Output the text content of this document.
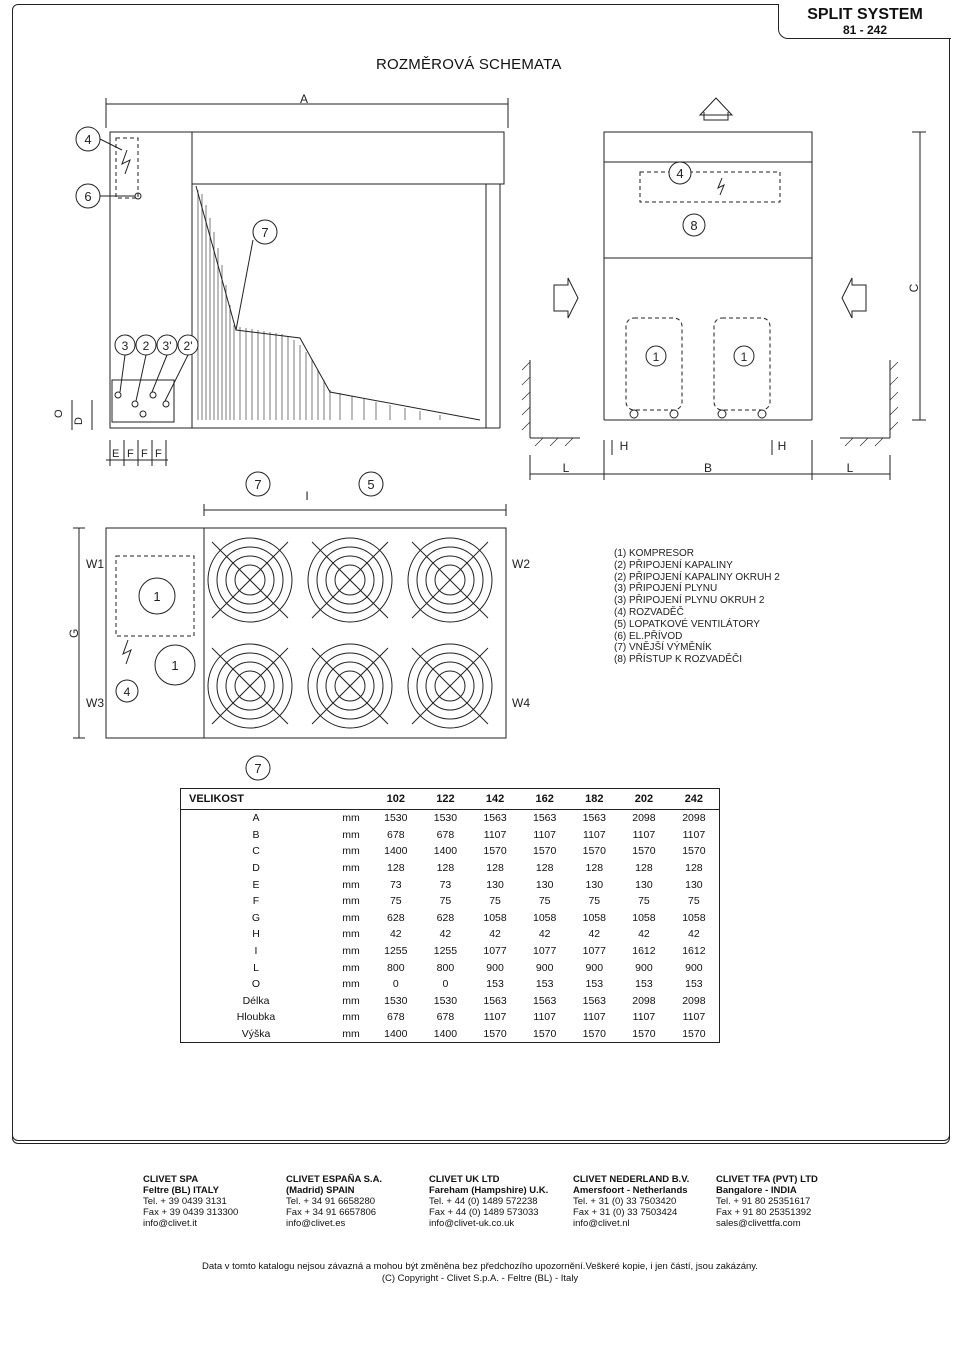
SPLIT SYSTEM
81 - 242
ROZMĚROVÁ SCHEMATA
A
4
6
7
3 2 3' 2'
O
D
E F F F
4
8
1	1
L	B	L
H	H
C
7	5
I
1
1
4
W1
W3
W2
W4
G
7
(1) KOMPRESOR
(2) PŘIPOJENÍ KAPALINY
(2) PŘIPOJENÍ KAPALINY OKRUH 2
(3) PŘIPOJENÍ PLYNU
(3) PŘIPOJENÍ PLYNU OKRUH 2
(4) ROZVADĚČ
(5) LOPATKOVÉ VENTILÁTORY
(6) EL.PŘÍVOD
(7) VNĚJŠÍ VÝMĚNÍK
(8) PŘÍSTUP K ROZVADĚČI
VELIKOST		102	122	142	162	182	202	242
A	mm	1530	1530	1563	1563	1563	2098	2098
B	mm	678	678	1107	1107	1107	1107	1107
C	mm	1400	1400	1570	1570	1570	1570	1570
D	mm	128	128	128	128	128	128	128
E	mm	73	73	130	130	130	130	130
F	mm	75	75	75	75	75	75	75
G	mm	628	628	1058	1058	1058	1058	1058
H	mm	42	42	42	42	42	42	42
I	mm	1255	1255	1077	1077	1077	1612	1612
L	mm	800	800	900	900	900	900	900
O	mm	0	0	153	153	153	153	153
Délka	mm	1530	1530	1563	1563	1563	2098	2098
Hloubka	mm	678	678	1107	1107	1107	1107	1107
Výška	mm	1400	1400	1570	1570	1570	1570	1570
CLIVET SPA
Feltre (BL) ITALY
Tel. + 39 0439 3131
Fax + 39 0439 313300
info@clivet.it
CLIVET ESPAÑA S.A.
(Madrid) SPAIN
Tel. + 34 91 6658280
Fax + 34 91 6657806
info@clivet.es
CLIVET UK LTD
Fareham (Hampshire) U.K.
Tel. + 44 (0) 1489 572238
Fax + 44 (0) 1489 573033
info@clivet-uk.co.uk
CLIVET NEDERLAND B.V.
Amersfoort - Netherlands
Tel. + 31 (0) 33 7503420
Fax + 31 (0) 33 7503424
info@clivet.nl
CLIVET TFA (PVT) LTD
Bangalore - INDIA
Tel. + 91 80 25351617
Fax + 91 80 25351392
sales@clivettfa.com
Data v tomto katalogu nejsou závazná a mohou být změněna bez předchozího upozornění.Veškeré kopie, i jen částí, jsou zakázány.
(C) Copyright - Clivet S.p.A. - Feltre (BL) - Italy
